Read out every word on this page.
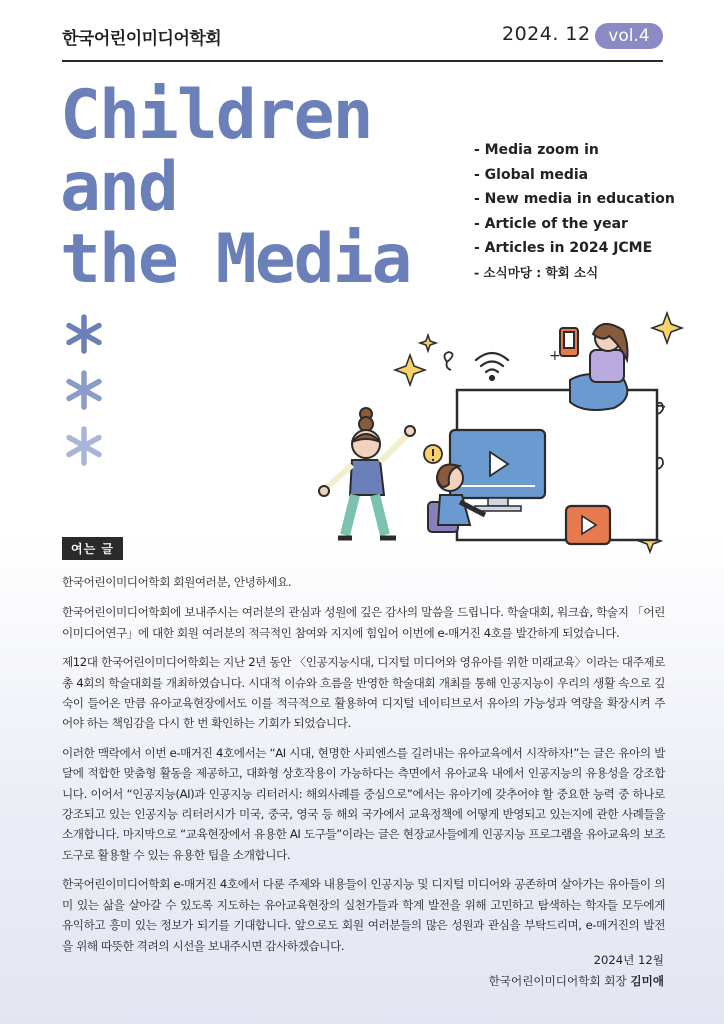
한국어린이미디어학회	2024. 12	vol.4
Children
and
the Media
- Media zoom in
- Global media
- New media in education
- Article of the year
- Articles in 2024 JCME
- 소식마당 : 학회 소식
+
여는 글

한국어린이미디어학회 회원여러분, 안녕하세요.

한국어린이미디어학회에 보내주시는 여러분의 관심과 성원에 깊은 감사의 말씀을 드립니다. 학술대회, 워크숍, 학술지 「어린이미디어연구」에 대한 회원 여러분의 적극적인 참여와 지지에 힘입어 이번에 e-매거진 4호를 발간하게 되었습니다.

제12대 한국어린이미디어학회는 지난 2년 동안 〈인공지능시대, 디지털 미디어와 영유아를 위한 미래교육〉이라는 대주제로 총 4회의 학술대회를 개최하였습니다. 시대적 이슈와 흐름을 반영한 학술대회 개최를 통해 인공지능이 우리의 생활 속으로 깊숙이 들어온 만큼 유아교육현장에서도 이를 적극적으로 활용하여 디지털 네이티브로서 유아의 가능성과 역량을 확장시켜 주어야 하는 책임감을 다시 한 번 확인하는 기회가 되었습니다.

이러한 맥락에서 이번 e-매거진 4호에서는 “AI 시대, 현명한 사피엔스를 길러내는 유아교육에서 시작하자!”는 글은 유아의 발달에 적합한 맞춤형 활동을 제공하고, 대화형 상호작용이 가능하다는 측면에서 유아교육 내에서 인공지능의 유용성을 강조합니다. 이어서 “인공지능(AI)과 인공지능 리터러시: 해외사례를 중심으로”에서는 유아기에 갖추어야 할 중요한 능력 중 하나로 강조되고 있는 인공지능 리터러시가 미국, 중국, 영국 등 해외 국가에서 교육정책에 어떻게 반영되고 있는지에 관한 사례들을 소개합니다. 마지막으로 “교육현장에서 유용한 AI 도구들”이라는 글은 현장교사들에게 인공지능 프로그램을 유아교육의 보조도구로 활용할 수 있는 유용한 팁을 소개합니다.

한국어린이미디어학회 e-매거진 4호에서 다룬 주제와 내용들이 인공지능 및 디지털 미디어와 공존하며 살아가는 유아들이 의미 있는 삶을 살아갈 수 있도록 지도하는 유아교육현장의 실천가들과 학계 발전을 위해 고민하고 탐색하는 학자들 모두에게 유익하고 흥미 있는 정보가 되기를 기대합니다. 앞으로도 회원 여러분들의 많은 성원과 관심을 부탁드리며, e-매거진의 발전을 위해 따뜻한 격려의 시선을 보내주시면 감사하겠습니다.

2024년 12월
한국어린이미디어학회 회장 김미애
